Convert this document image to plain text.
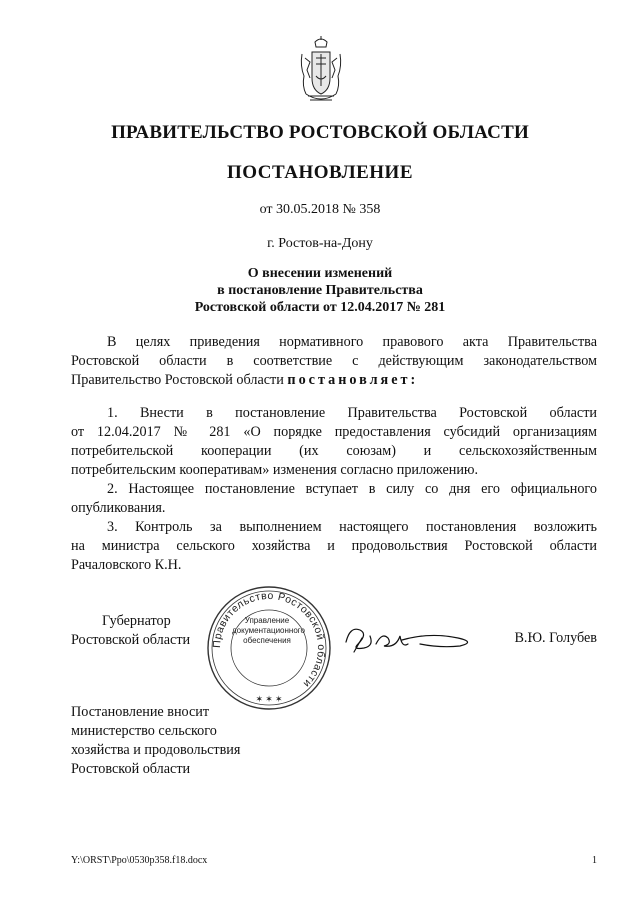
ПРАВИТЕЛЬСТВО РОСТОВСКОЙ ОБЛАСТИ
ПОСТАНОВЛЕНИЕ
от 30.05.2018 № 358
г. Ростов-на-Дону
О внесении изменений
в постановление Правительства
Ростовской области от 12.04.2017 № 281
В целях приведения нормативного правового акта Правительства
Ростовской области в соответствие с действующим законодательством
Правительство Ростовской области постановляет:
1. Внести в постановление Правительства Ростовской области
от 12.04.2017 № 281 «О порядке предоставления субсидий организациям
потребительской кооперации (их союзам) и сельскохозяйственным
потребительским кооперативам» изменения согласно приложению.
2. Настоящее постановление вступает в силу со дня его официального
опубликования.
3. Контроль за выполнением настоящего постановления возложить
на министра сельского хозяйства и продовольствия Ростовской области
Рачаловского К.Н.
Губернатор
Ростовской области Правительство Ростовской области
✶ ✶ ✶
Управление
документационного
обеспечения	В.Ю. Голубев
Постановление вносит
министерство сельского
хозяйства и продовольствия
Ростовской области
Y:\ORST\Ppo\0530p358.f18.docx	1
